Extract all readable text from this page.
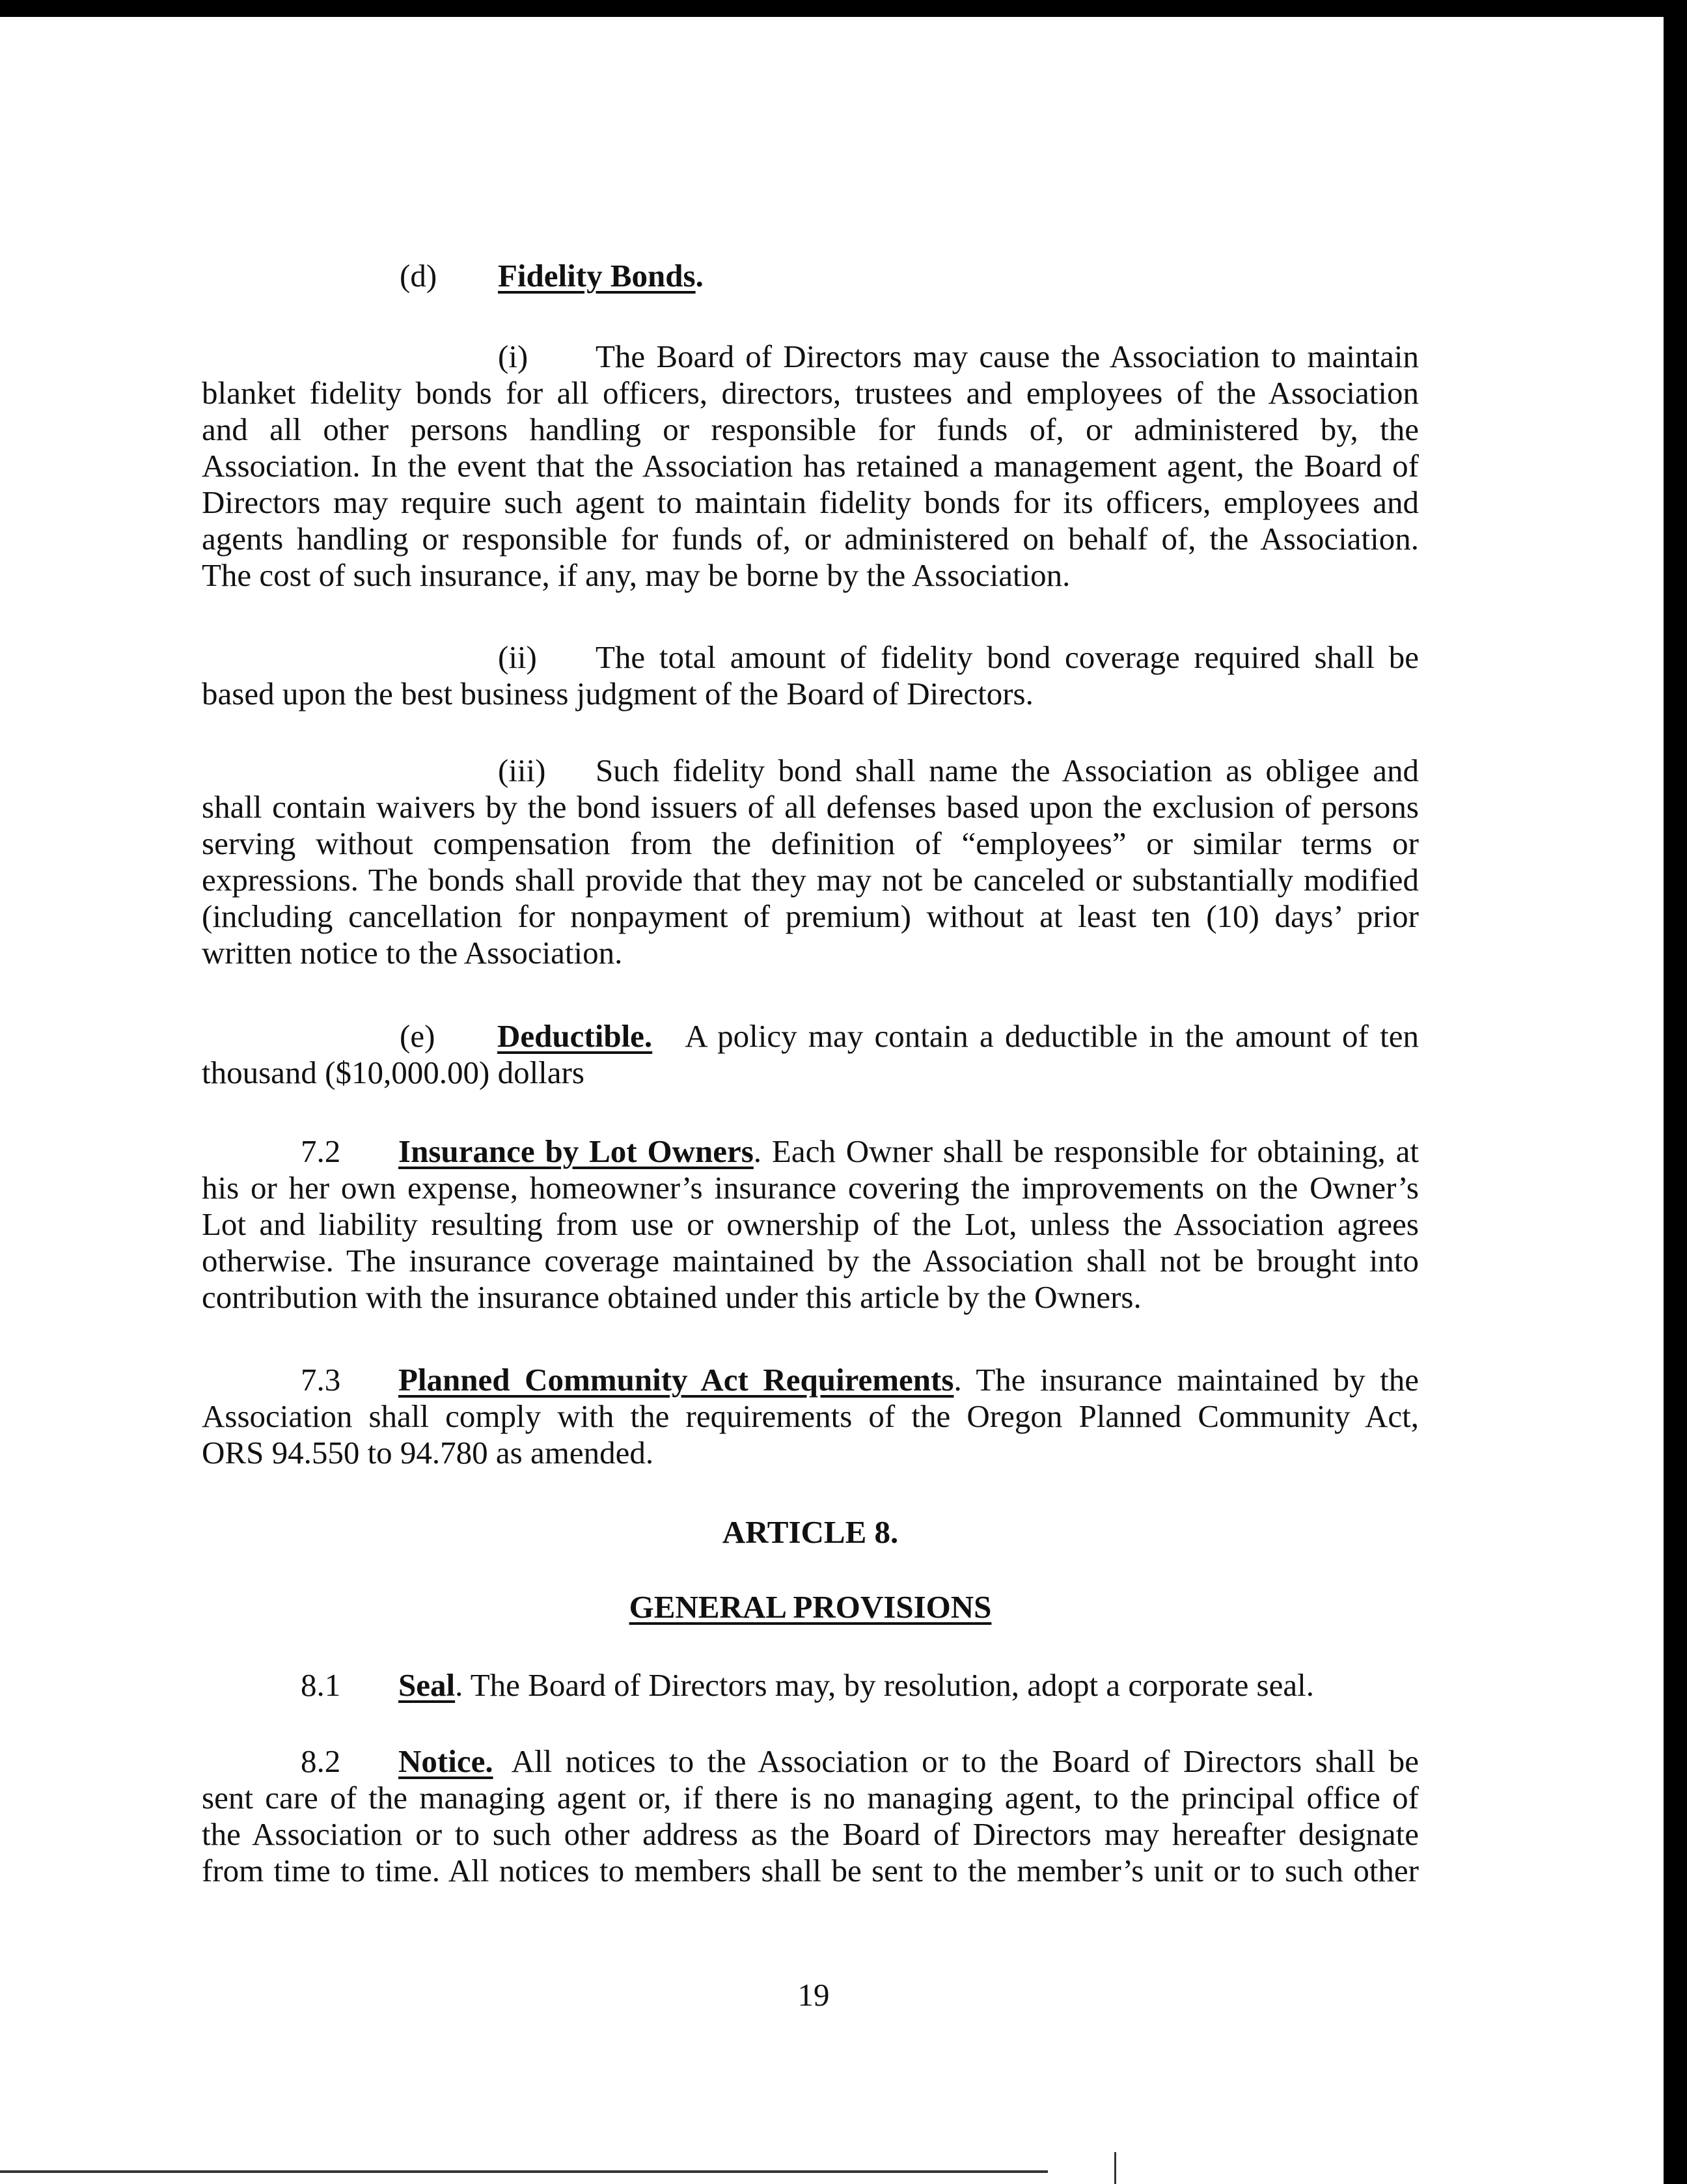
(d) Fidelity Bonds.
(i) The Board of Directors may cause the Association to maintain
blanket fidelity bonds for all officers, directors, trustees and employees of the Association
and all other persons handling or responsible for funds of, or administered by, the
Association. In the event that the Association has retained a management agent, the Board of
Directors may require such agent to maintain fidelity bonds for its officers, employees and
agents handling or responsible for funds of, or administered on behalf of, the Association.
The cost of such insurance, if any, may be borne by the Association.
(ii) The total amount of fidelity bond coverage required shall be
based upon the best business judgment of the Board of Directors.
(iii) Such fidelity bond shall name the Association as obligee and
shall contain waivers by the bond issuers of all defenses based upon the exclusion of persons
serving without compensation from the definition of “employees” or similar terms or
expressions. The bonds shall provide that they may not be canceled or substantially modified
(including cancellation for nonpayment of premium) without at least ten (10) days’ prior
written notice to the Association.
(e) Deductible. A policy may contain a deductible in the amount of ten
thousand ($10,000.00) dollars
7.2 Insurance by Lot Owners. Each Owner shall be responsible for obtaining, at
his or her own expense, homeowner’s insurance covering the improvements on the Owner’s
Lot and liability resulting from use or ownership of the Lot, unless the Association agrees
otherwise. The insurance coverage maintained by the Association shall not be brought into
contribution with the insurance obtained under this article by the Owners.
7.3 Planned Community Act Requirements. The insurance maintained by the
Association shall comply with the requirements of the Oregon Planned Community Act,
ORS 94.550 to 94.780 as amended.
ARTICLE 8.
GENERAL PROVISIONS
8.1 Seal. The Board of Directors may, by resolution, adopt a corporate seal.
8.2 Notice. All notices to the Association or to the Board of Directors shall be
sent care of the managing agent or, if there is no managing agent, to the principal office of
the Association or to such other address as the Board of Directors may hereafter designate
from time to time. All notices to members shall be sent to the member’s unit or to such other
19
